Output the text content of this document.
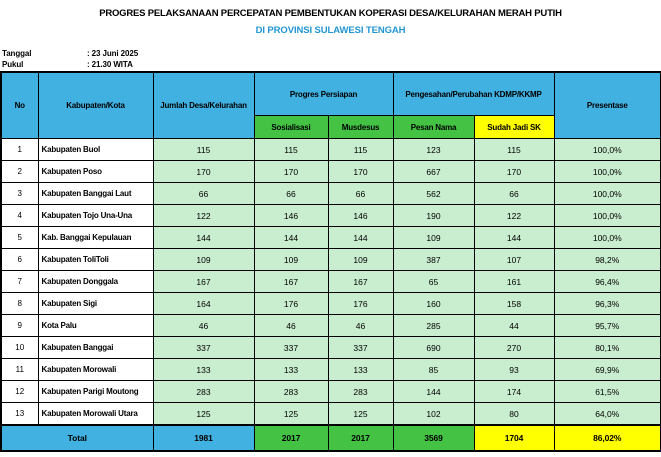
PROGRES PELAKSANAAN PERCEPATAN PEMBENTUKAN KOPERASI DESA/KELURAHAN MERAH PUTIH
DI PROVINSI SULAWESI TENGAH
Tanggal	: 23 Juni 2025
Pukul	: 21.30 WITA
No	Kabupaten/Kota	Jumlah Desa/Kelurahan	Progres Persiapan		Pengesahan/Perubahan KDMP/KKMP		Presentase
			Sosialisasi	Musdesus	Pesan Nama	Sudah Jadi SK	
1	Kabupaten Buol	115	115	115	123	115	100,0%
2	Kabupaten Poso	170	170	170	667	170	100,0%
3	Kabupaten Banggai Laut	66	66	66	562	66	100,0%
4	Kabupaten Tojo Una-Una	122	146	146	190	122	100,0%
5	Kab. Banggai Kepulauan	144	144	144	109	144	100,0%
6	Kabupaten ToliToli	109	109	109	387	107	98,2%
7	Kabupaten Donggala	167	167	167	65	161	96,4%
8	Kabupaten Sigi	164	176	176	160	158	96,3%
9	Kota Palu	46	46	46	285	44	95,7%
10	Kabupaten Banggai	337	337	337	690	270	80,1%
11	Kabupaten Morowali	133	133	133	85	93	69,9%
12	Kabupaten Parigi Moutong	283	283	283	144	174	61,5%
13	Kabupaten Morowali Utara	125	125	125	102	80	64,0%
Total		1981	2017	2017	3569	1704	86,02%
